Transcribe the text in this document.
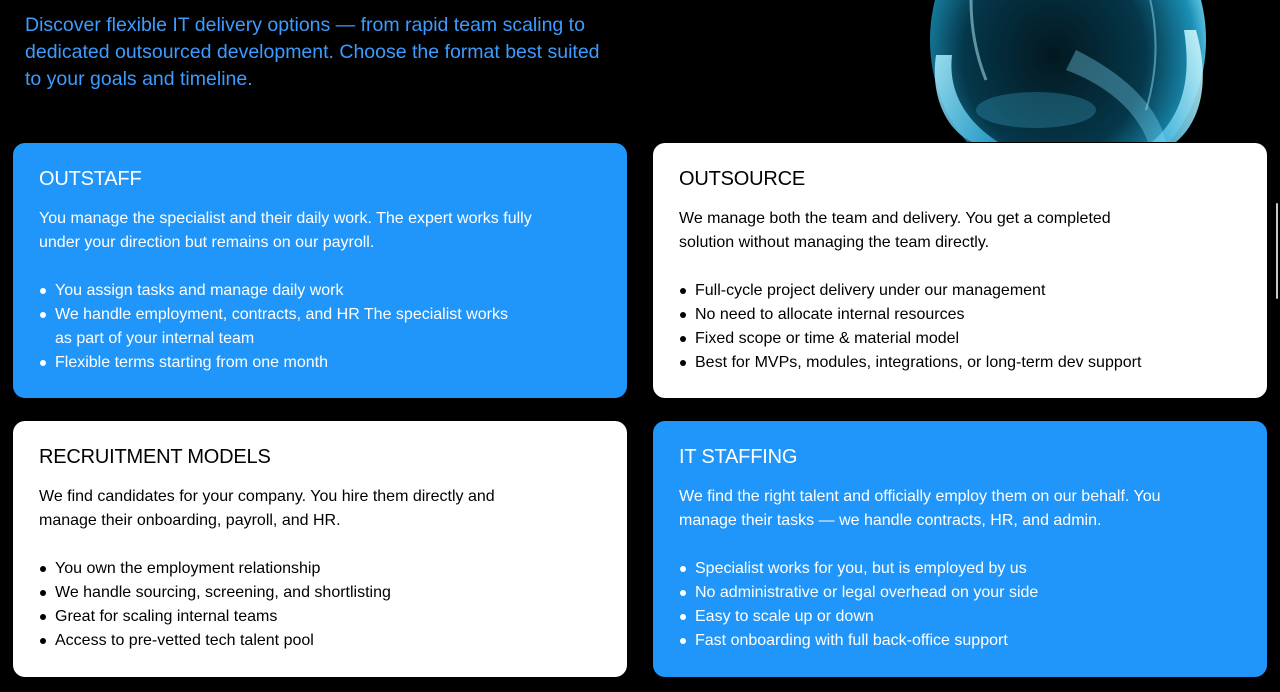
Discover flexible IT delivery options — from rapid team scaling to dedicated outsourced development. Choose the format best suited to your goals and timeline.

OUTSTAFF

You manage the specialist and their daily work. The expert works fully under your direction but remains on our payroll.

You assign tasks and manage daily work
We handle employment, contracts, and HR The specialist works as part of your internal team
Flexible terms starting from one month
OUTSOURCE

We manage both the team and delivery. You get a completed solution without managing the team directly.

Full-cycle project delivery under our management
No need to allocate internal resources
Fixed scope or time & material model
Best for MVPs, modules, integrations, or long-term dev support
RECRUITMENT MODELS

We find candidates for your company. You hire them directly and manage their onboarding, payroll, and HR.

You own the employment relationship
We handle sourcing, screening, and shortlisting
Great for scaling internal teams
Access to pre-vetted tech talent pool
IT STAFFING

We find the right talent and officially employ them on our behalf. You manage their tasks — we handle contracts, HR, and admin.

Specialist works for you, but is employed by us
No administrative or legal overhead on your side
Easy to scale up or down
Fast onboarding with full back-office support
